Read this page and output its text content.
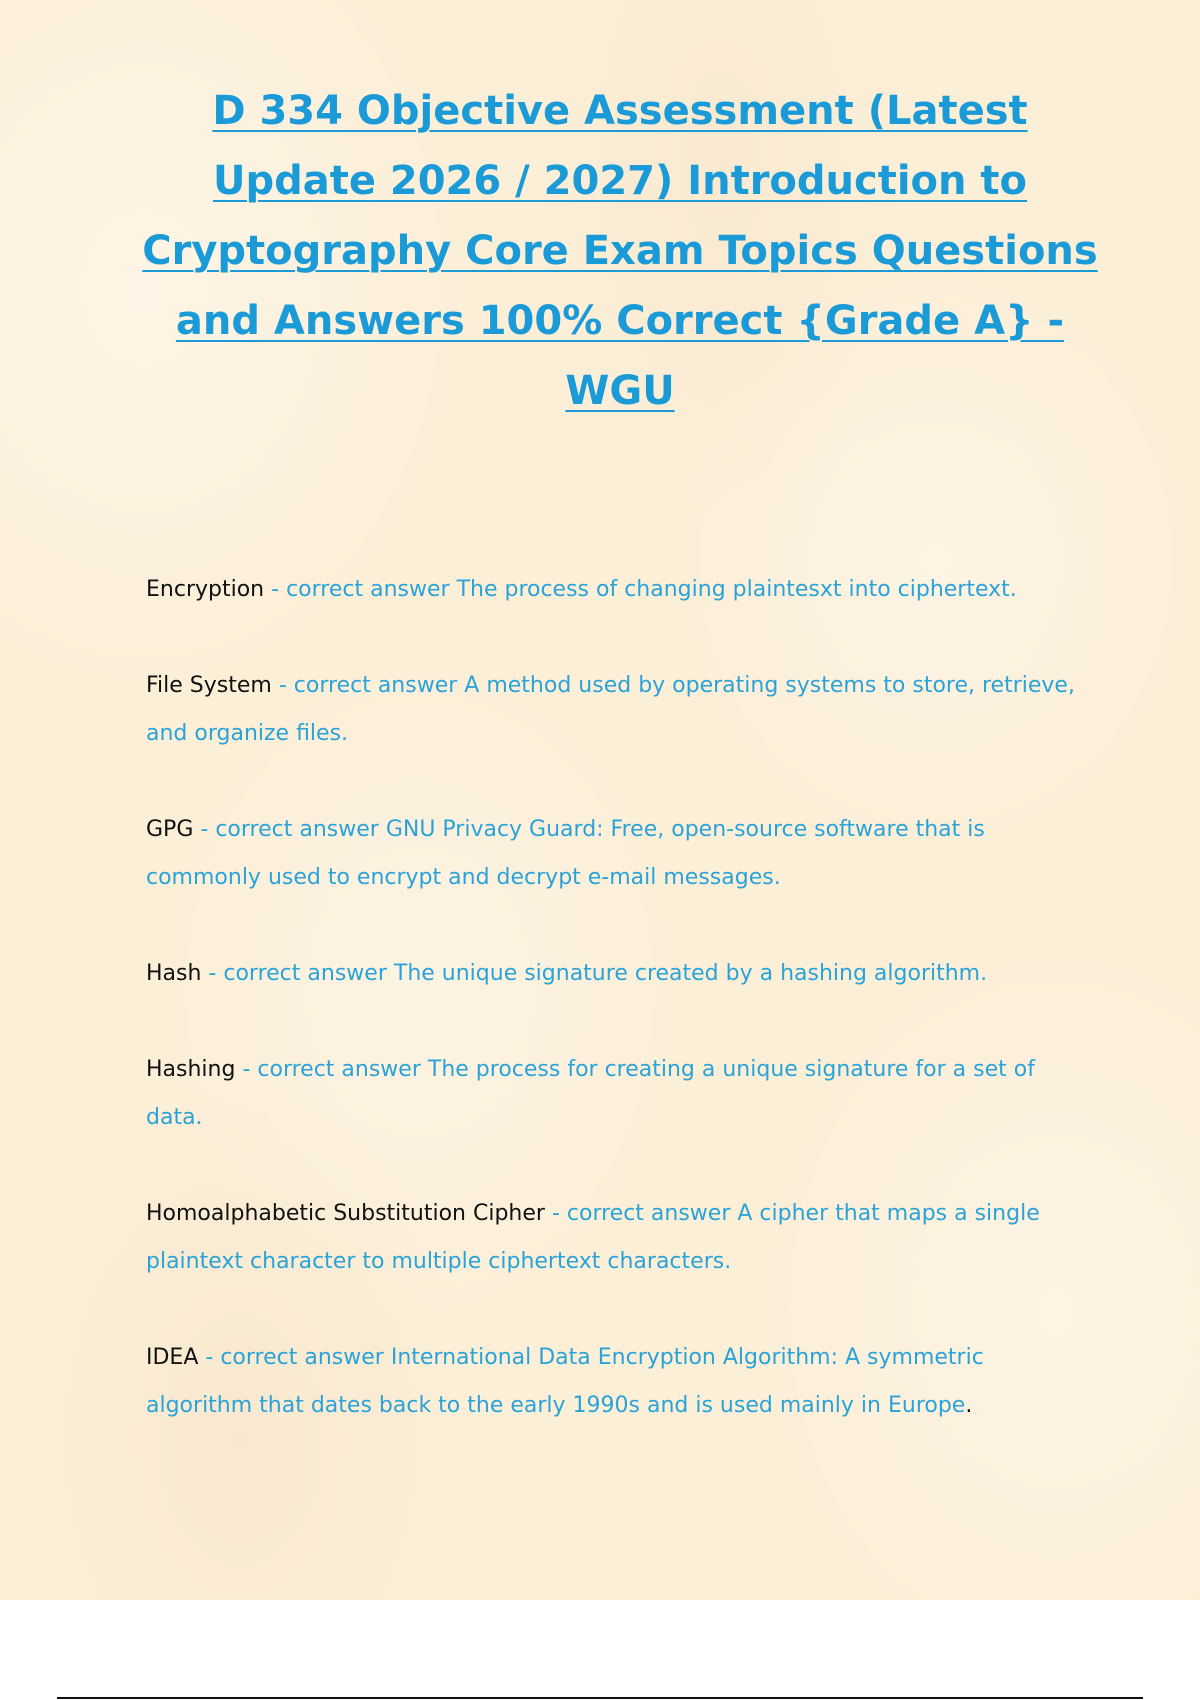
D 334 Objective Assessment (Latest Update 2026 / 2027) Introduction to Cryptography Core Exam Topics Questions and Answers 100% Correct {Grade A} - WGU

Encryption - correct answer The process of changing plaintesxt into ciphertext.

File System - correct answer A method used by operating systems to store, retrieve, and organize files.

GPG - correct answer GNU Privacy Guard: Free, open-source software that is commonly used to encrypt and decrypt e-mail messages.

Hash - correct answer The unique signature created by a hashing algorithm.

Hashing - correct answer The process for creating a unique signature for a set of data.

Homoalphabetic Substitution Cipher - correct answer A cipher that maps a single plaintext character to multiple ciphertext characters.

IDEA - correct answer International Data Encryption Algorithm: A symmetric algorithm that dates back to the early 1990s and is used mainly in Europe.
